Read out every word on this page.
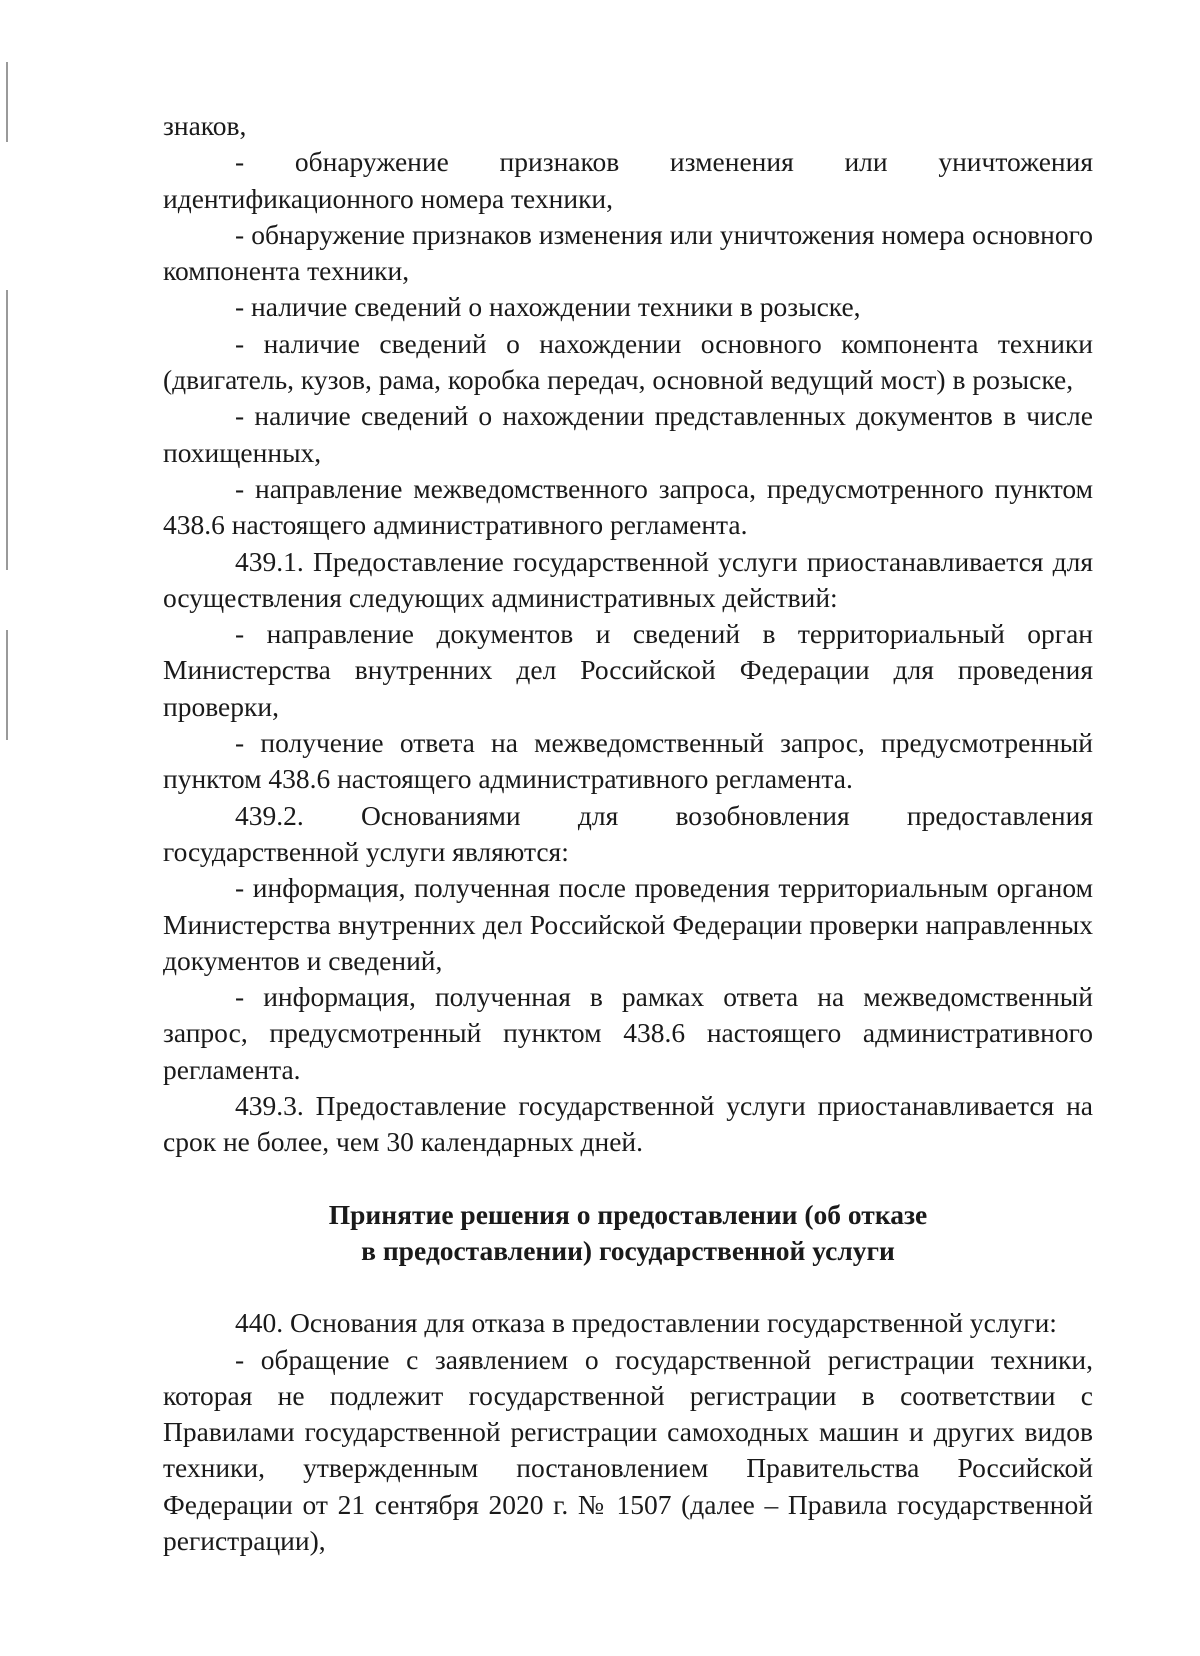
знаков,

- обнаружение признаков изменения или уничтожения идентификационного номера техники,

- обнаружение признаков изменения или уничтожения номера основного компонента техники,

- наличие сведений о нахождении техники в розыске,

- наличие сведений о нахождении основного компонента техники (двигатель, кузов, рама, коробка передач, основной ведущий мост) в розыске,

- наличие сведений о нахождении представленных документов в числе похищенных,

- направление межведомственного запроса, предусмотренного пунктом 438.6 настоящего административного регламента.

439.1. Предоставление государственной услуги приостанавливается для осуществления следующих административных действий:

- направление документов и сведений в территориальный орган Министерства внутренних дел Российской Федерации для проведения проверки,

- получение ответа на межведомственный запрос, предусмотренный пунктом 438.6 настоящего административного регламента.

439.2. Основаниями для возобновления предоставления государственной услуги являются:

- информация, полученная после проведения территориальным органом Министерства внутренних дел Российской Федерации проверки направленных документов и сведений,

- информация, полученная в рамках ответа на межведомственный запрос, предусмотренный пунктом 438.6 настоящего административного регламента.

439.3. Предоставление государственной услуги приостанавливается на срок не более, чем 30 календарных дней.

Принятие решения о предоставлении (об отказе
в предоставлении) государственной услуги

440. Основания для отказа в предоставлении государственной услуги:

- обращение с заявлением о государственной регистрации техники, которая не подлежит государственной регистрации в соответствии с Правилами государственной регистрации самоходных машин и других видов техники, утвержденным постановлением Правительства Российской Федерации от 21 сентября 2020 г. № 1507 (далее – Правила государственной регистрации),
